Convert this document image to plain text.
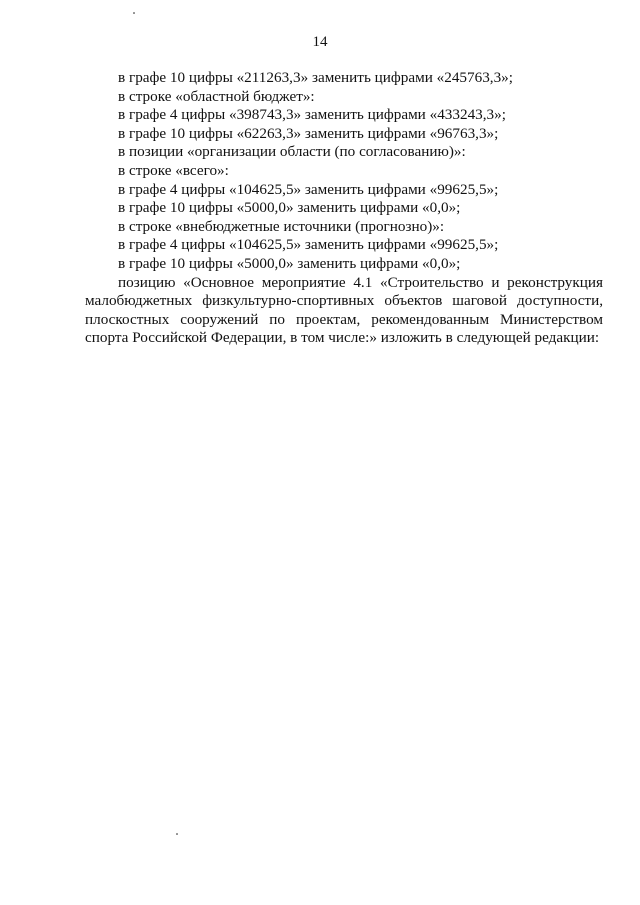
14
в графе 10 цифры «211263,3» заменить цифрами «245763,3»;
в строке «областной бюджет»:
в графе 4 цифры «398743,3» заменить цифрами «433243,3»;
в графе 10 цифры «62263,3» заменить цифрами «96763,3»;
в позиции «организации области (по согласованию)»:
в строке «всего»:
в графе 4 цифры «104625,5» заменить цифрами «99625,5»;
в графе 10 цифры «5000,0» заменить цифрами «0,0»;
в строке «внебюджетные источники (прогнозно)»:
в графе 4 цифры «104625,5» заменить цифрами «99625,5»;
в графе 10 цифры «5000,0» заменить цифрами «0,0»;
позицию «Основное мероприятие 4.1 «Строительство и реконструкция малобюджетных физкультурно-спортивных объектов шаговой доступности, плоскостных сооружений по проектам, рекомендованным Министерством спорта Российской Федерации, в том числе:» изложить в следующей редакции:
